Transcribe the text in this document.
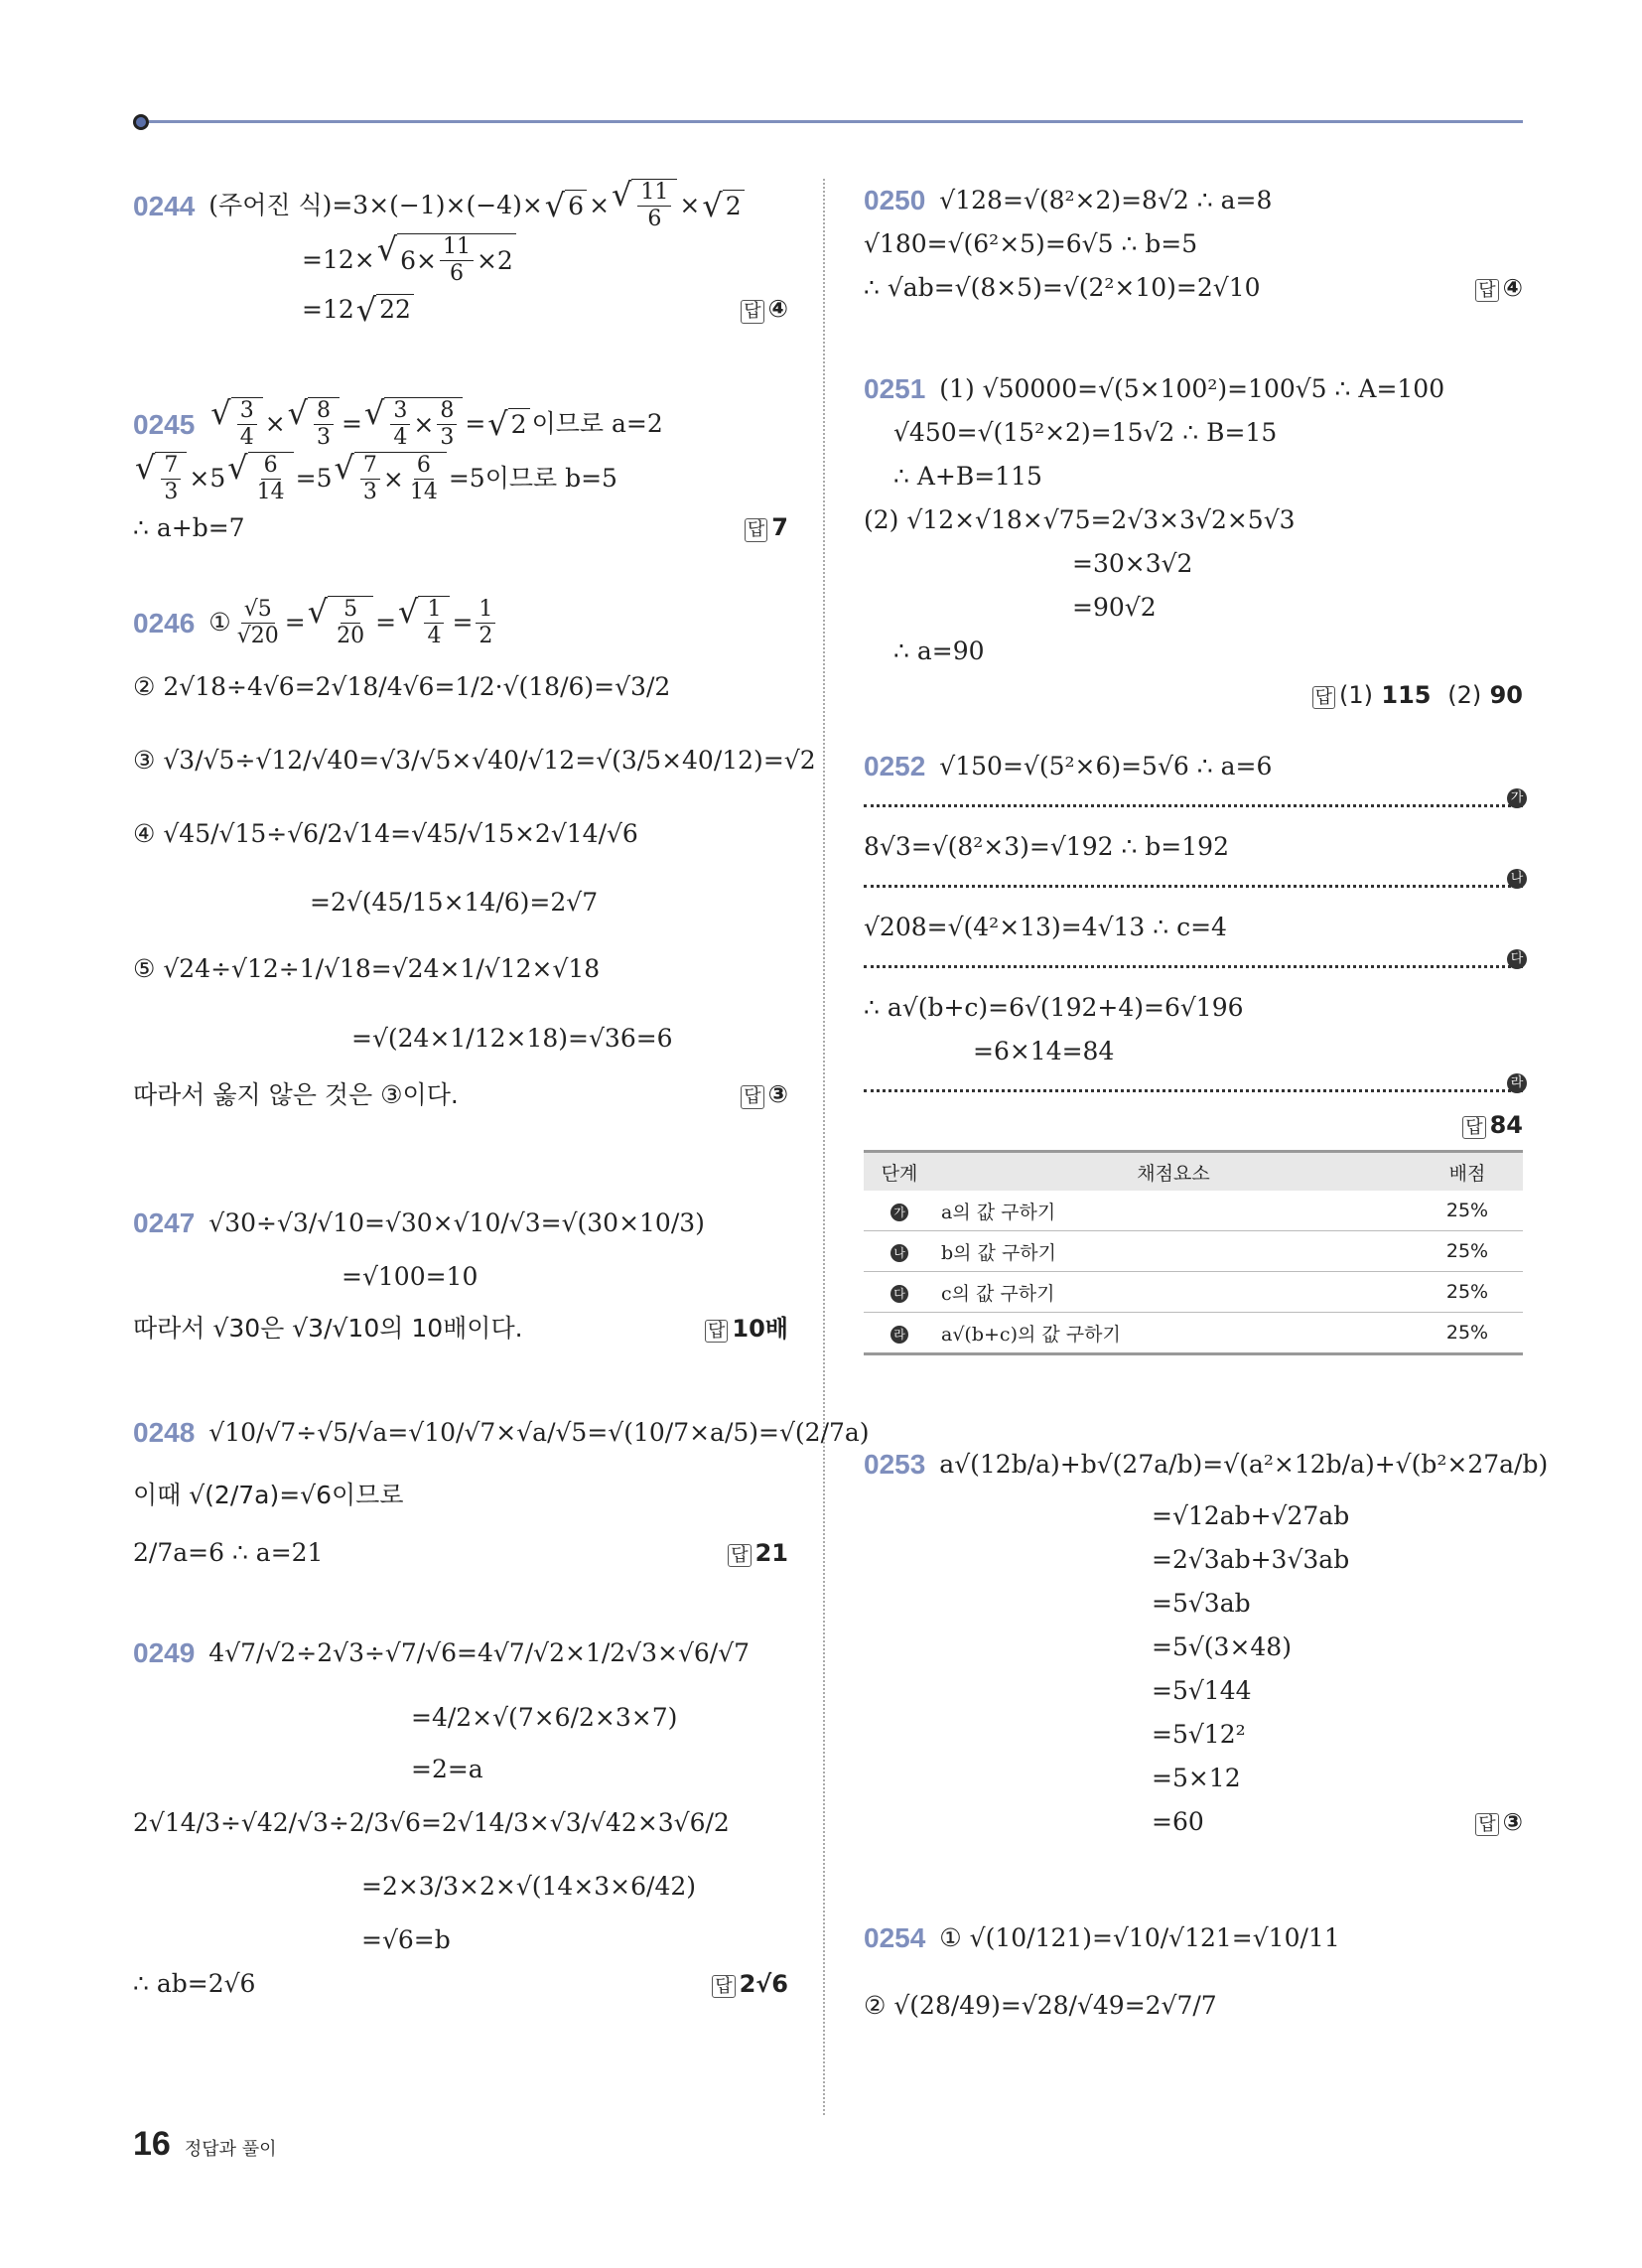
0244 (주어진 식)=3×(−1)×(−4)× √ 6 × √ $\frac{11}{6}$ × √ 2
=12× √ $6\times \frac{11}{6} \times 2$
=12 √ 22	답 ④
0245 √ $\frac{3}{4}$ × √ $\frac{8}{3}$ = √ $\frac{3}{4} \times \frac{8}{3}$ = √ 2 이므로 a=2
√ $\frac{7}{3} \times 5$ √ $\frac{6}{14} =5$ √ $\frac{7}{3} \times \frac{6}{14} =5$이므로 b=5
∴ a+b=7	답 7
0246 ① $\frac{√5}{√20}$ = √ $\frac{5}{20}$ = √ $\frac{1}{4} = \frac{1}{2}$
② 2√18÷4√6=2√18/4√6=1/2·√(18/6)=√3/2
③ √3/√5÷√12/√40=√3/√5×√40/√12=√(3/5×40/12)=√2
④ √45/√15÷√6/2√14=√45/√15×2√14/√6
=2√(45/15×14/6)=2√7
⑤ √24÷√12÷1/√18=√24×1/√12×√18
=√(24×1/12×18)=√36=6
따라서 옳지 않은 것은 ③이다.	답 ③
0247 √30÷√3/√10=√30×√10/√3=√(30×10/3)
=√100=10
따라서 √30은 √3/√10의 10배이다.	답 10배
0248 √10/√7÷√5/√a=√10/√7×√a/√5=√(10/7×a/5)=√(2/7a)
이때 √(2/7a)=√6이므로
2/7a=6 ∴ a=21	답 21
0249 4√7/√2÷2√3÷√7/√6=4√7/√2×1/2√3×√6/√7
=4/2×√(7×6/2×3×7)
=2=a
2√14/3÷√42/√3÷2/3√6=2√14/3×√3/√42×3√6/2
=2×3/3×2×√(14×3×6/42)
=√6=b
∴ ab=2√6	답 2√6
0250 √128=√(8²×2)=8√2 ∴ a=8
√180=√(6²×5)=6√5 ∴ b=5
∴ √ab=√(8×5)=√(2²×10)=2√10	답 ④
0251 (1) √50000=√(5×100²)=100√5 ∴ A=100
√450=√(15²×2)=15√2 ∴ B=15
∴ A+B=115
(2) √12×√18×√75=2√3×3√2×5√3
=30×3√2
=90√2
∴ a=90
답 (1) 115 (2) 90
0252 √150=√(5²×6)=5√6 ∴ a=6
가
8√3=√(8²×3)=√192 ∴ b=192
나
√208=√(4²×13)=4√13 ∴ c=4
다
∴ a√(b+c)=6√(192+4)=6√196
=6×14=84
라
답 84
단계	채점요소	배점
가	a의 값 구하기	25%
나	b의 값 구하기	25%
다	c의 값 구하기	25%
라	a√(b+c)의 값 구하기	25%
0253 a√(12b/a)+b√(27a/b)=√(a²×12b/a)+√(b²×27a/b)
=√12ab+√27ab
=2√3ab+3√3ab
=5√3ab
=5√(3×48)
=5√144
=5√12²
=5×12
=60	답 ③
0254 ① √(10/121)=√10/√121=√10/11
② √(28/49)=√28/√49=2√7/7
16 정답과 풀이
